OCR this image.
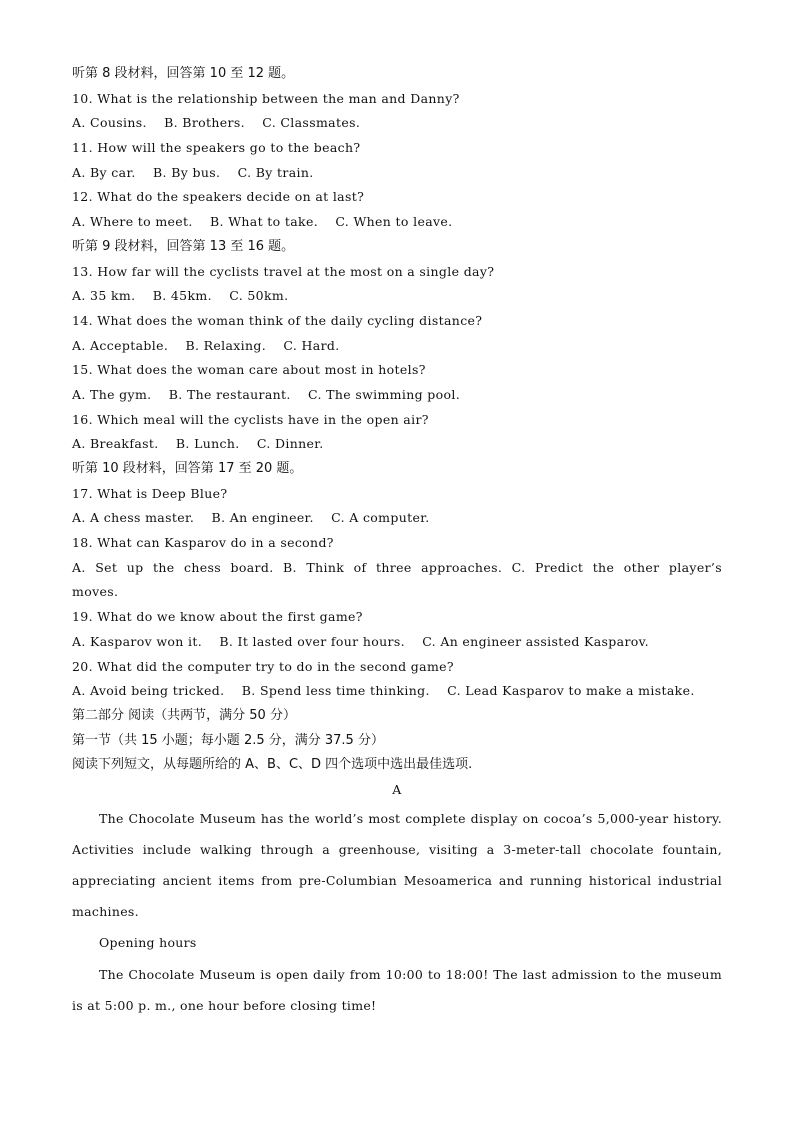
听第 8 段材料，回答第 10 至 12 题。
10. What is the relationship between the man and Danny?
A. Cousins.    B. Brothers.    C. Classmates.
11. How will the speakers go to the beach?
A. By car.    B. By bus.    C. By train.
12. What do the speakers decide on at last?
A. Where to meet.    B. What to take.    C. When to leave.
听第 9 段材料，回答第 13 至 16 题。
13. How far will the cyclists travel at the most on a single day?
A. 35 km.    B. 45km.    C. 50km.
14. What does the woman think of the daily cycling distance?
A. Acceptable.    B. Relaxing.    C. Hard.
15. What does the woman care about most in hotels?
A. The gym.    B. The restaurant.    C. The swimming pool.
16. Which meal will the cyclists have in the open air?
A. Breakfast.    B. Lunch.    C. Dinner.
听第 10 段材料，回答第 17 至 20 题。
17. What is Deep Blue?
A. A chess master.    B. An engineer.    C. A computer.
18. What can Kasparov do in a second?
A. Set up the chess board. B. Think of three approaches. C. Predict the other player’s
moves.
19. What do we know about the first game?
A. Kasparov won it.    B. It lasted over four hours.    C. An engineer assisted Kasparov.
20. What did the computer try to do in the second game?
A. Avoid being tricked.    B. Spend less time thinking.    C. Lead Kasparov to make a mistake.
第二部分 阅读（共两节，满分 50 分）
第一节（共 15 小题；每小题 2.5 分，满分 37.5 分）
阅读下列短文，从每题所给的 A、B、C、D 四个选项中选出最佳选项.
A
The Chocolate Museum has the world’s most complete display on cocoa’s 5,000-year history. Activities include walking through a greenhouse, visiting a 3-meter-tall chocolate fountain, appreciating ancient items from pre-Columbian Mesoamerica and running historical industrial machines.
Opening hours
The Chocolate Museum is open daily from 10:00 to 18:00! The last admission to the museum is at 5:00 p. m., one hour before closing time!
